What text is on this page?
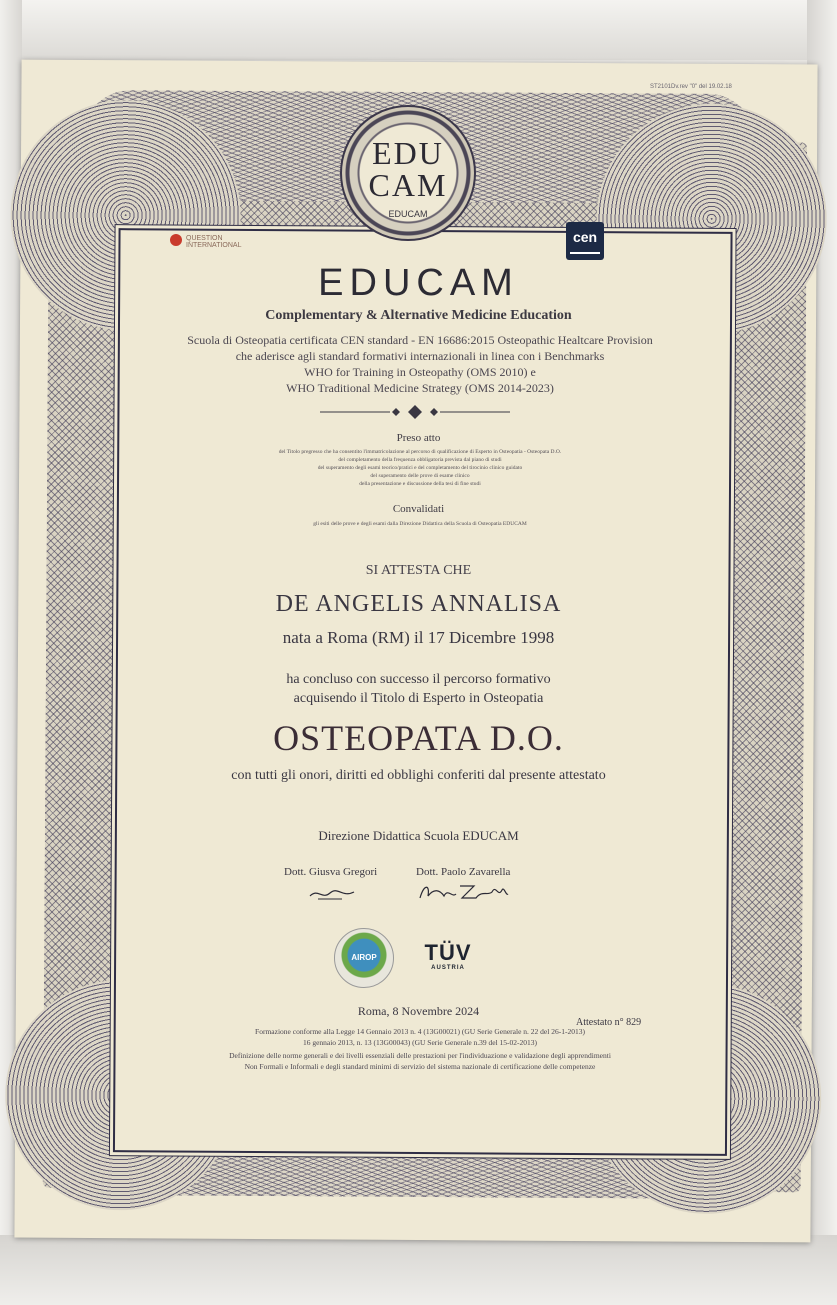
ST2101Dv.rev "0" del 19.02.18
EDU
CAM
EDUCAM
QUESTION INTERNATIONAL
cen
EDUCAM
Complementary & Alternative Medicine Education
Scuola di Osteopatia certificata CEN standard - EN 16686:2015 Osteopathic Healtcare Provision
che aderisce agli standard formativi internazionali in linea con i Benchmarks
WHO for Training in Osteopathy (OMS 2010) e
WHO Traditional Medicine Strategy (OMS 2014-2023)
Preso atto
del Titolo pregresso che ha consentito l'immatricolazione al percorso di qualificazione di Esperto in Osteopatia - Osteopata D.O.
del completamento della frequenza obbligatoria prevista dal piano di studi
del superamento degli esami teorico/pratici e del completamento del tirocinio clinico guidato
del superamento delle prove di esame clinico
della presentazione e discussione della tesi di fine studi
Convalidati
gli esiti delle prove e degli esami dalla Direzione Didattica della Scuola di Osteopatia EDUCAM
SI ATTESTA CHE
DE ANGELIS ANNALISA
nata a Roma (RM) il 17 Dicembre 1998
ha concluso con successo il percorso formativo
acquisendo il Titolo di Esperto in Osteopatia
OSTEOPATA D.O.
con tutti gli onori, diritti ed obblighi conferiti dal presente attestato
Direzione Didattica Scuola EDUCAM
Dott. Giusva Gregori	Dott. Paolo Zavarella
AIROP	TÜV
AUSTRIA
Roma, 8 Novembre 2024
Attestato n° 829
Formazione conforme alla Legge 14 Gennaio 2013 n. 4 (13G00021) (GU Serie Generale n. 22 del 26-1-2013)
16 gennaio 2013, n. 13 (13G00043) (GU Serie Generale n.39 del 15-02-2013)
Definizione delle norme generali e dei livelli essenziali delle prestazioni per l'individuazione e validazione degli apprendimenti
Non Formali e Informali e degli standard minimi di servizio del sistema nazionale di certificazione delle competenze
